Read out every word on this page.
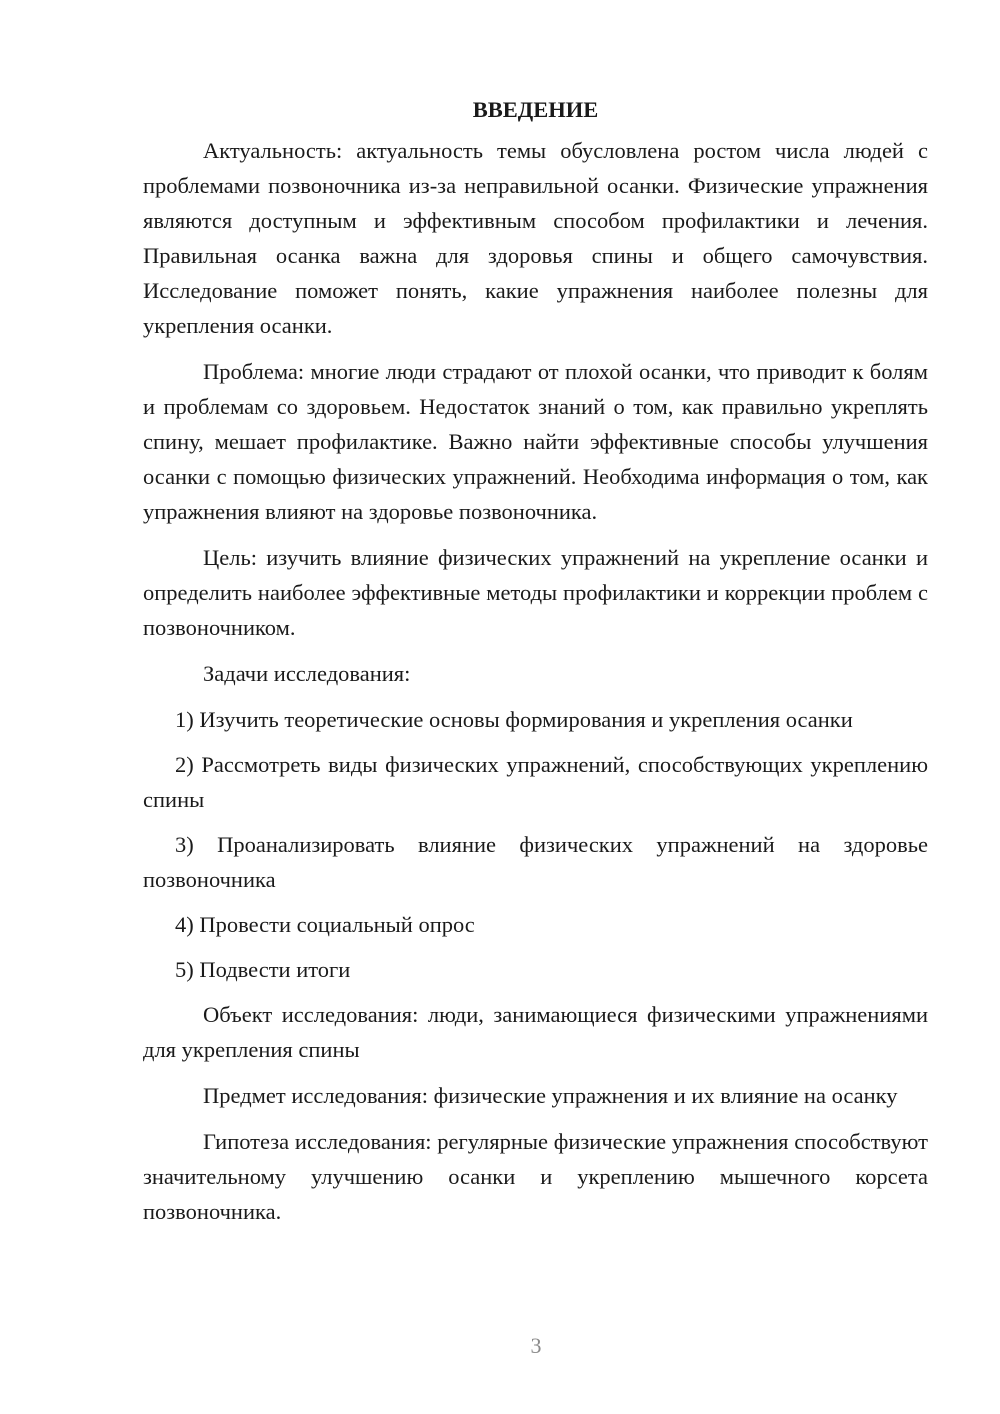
ВВЕДЕНИЕ

Актуальность: актуальность темы обусловлена ростом числа людей с проблемами позвоночника из-за неправильной осанки. Физические упражнения являются доступным и эффективным способом профилактики и лечения. Правильная осанка важна для здоровья спины и общего самочувствия. Исследование поможет понять, какие упражнения наиболее полезны для укрепления осанки.

Проблема: многие люди страдают от плохой осанки, что приводит к болям и проблемам со здоровьем. Недостаток знаний о том, как правильно укреплять спину, мешает профилактике. Важно найти эффективные способы улучшения осанки с помощью физических упражнений. Необходима информация о том, как упражнения влияют на здоровье позвоночника.

Цель: изучить влияние физических упражнений на укрепление осанки и определить наиболее эффективные методы профилактики и коррекции проблем с позвоночником.

Задачи исследования:

1) Изучить теоретические основы формирования и укрепления осанки

2) Рассмотреть виды физических упражнений, способствующих укреплению спины

3) Проанализировать влияние физических упражнений на здоровье позвоночника

4) Провести социальный опрос

5) Подвести итоги

Объект исследования: люди, занимающиеся физическими упражнениями для укрепления спины

Предмет исследования: физические упражнения и их влияние на осанку

Гипотеза исследования: регулярные физические упражнения способствуют значительному улучшению осанки и укреплению мышечного корсета позвоночника.

3
